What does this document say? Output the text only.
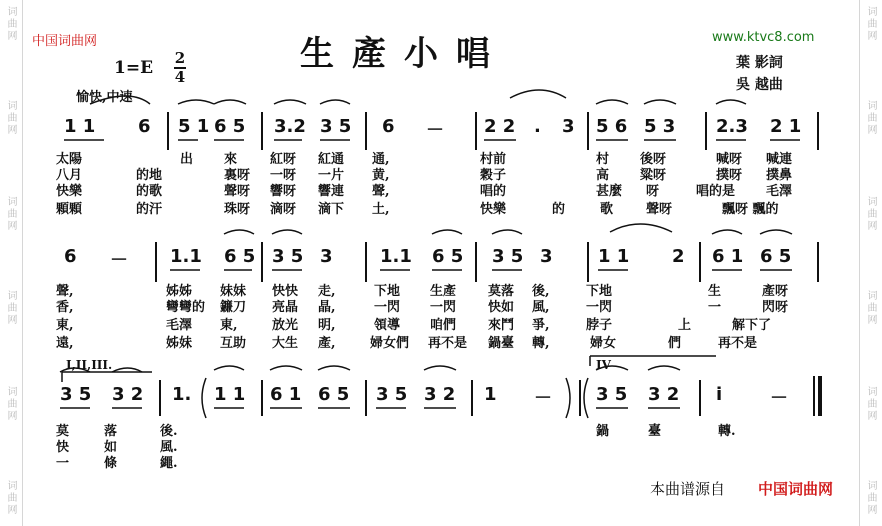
词
曲
网
词
曲
网
词
曲
网
词
曲
网
词
曲
网
词
曲
网
词
曲
网
词
曲
网
词
曲
网
词
曲
网
词
曲
网
词
曲
网
中国词曲网	www.ktvc8.com
生產小唱
1=E 2
4
葉 影詞
吳 越曲
愉快,中速
1 1 6 5 1 6 5 3.2 3 5 6 － 2 2 . 3 5 6 5 3 2.3 2 1
太陽	出 來	紅呀 紅通 通,	村前	村 後呀	喊呀 喊連
八月	的地	裏呀 一呀 一片 黄,	穀子	高 粱呀	撲呀 撲鼻
快樂	的歌	聲呀 響呀 響連 聲,	唱的	甚麼 呀	唱的是 毛澤
顆顆	的汗	珠呀 滴呀 滴下 土,	快樂	的	歌	聲呀	飄呀 飄的
6 － 1.1 6 5 3 5 3	1.1 6 5 3 5 3	1 1 2 6 1 6 5
聲,	姊姊 妹妹 快快 走,	下地 生產 莫落 後,	下地	生	產呀
香,	彎彎的 鐮刀 亮晶 晶,	一閃 一閃 快如 風,	一閃	一	閃呀
東,	毛澤 東,	放光 明,	領導 咱們 來鬥 爭,	脖子	上	解下了
遠,	姊妹 互助 大生 產,	婦女們 再不是 鍋臺 轉,	婦女	們	再不是
I,II,III.	IV
3 5 3 2 1. 1 1 6 1 6 5 3 5 3 2 1 － 3 5 3 2 i	－
莫	落	後.
快	如	風.
一	條	繩.
鍋	臺	轉.
本曲谱源自 中国词曲网
